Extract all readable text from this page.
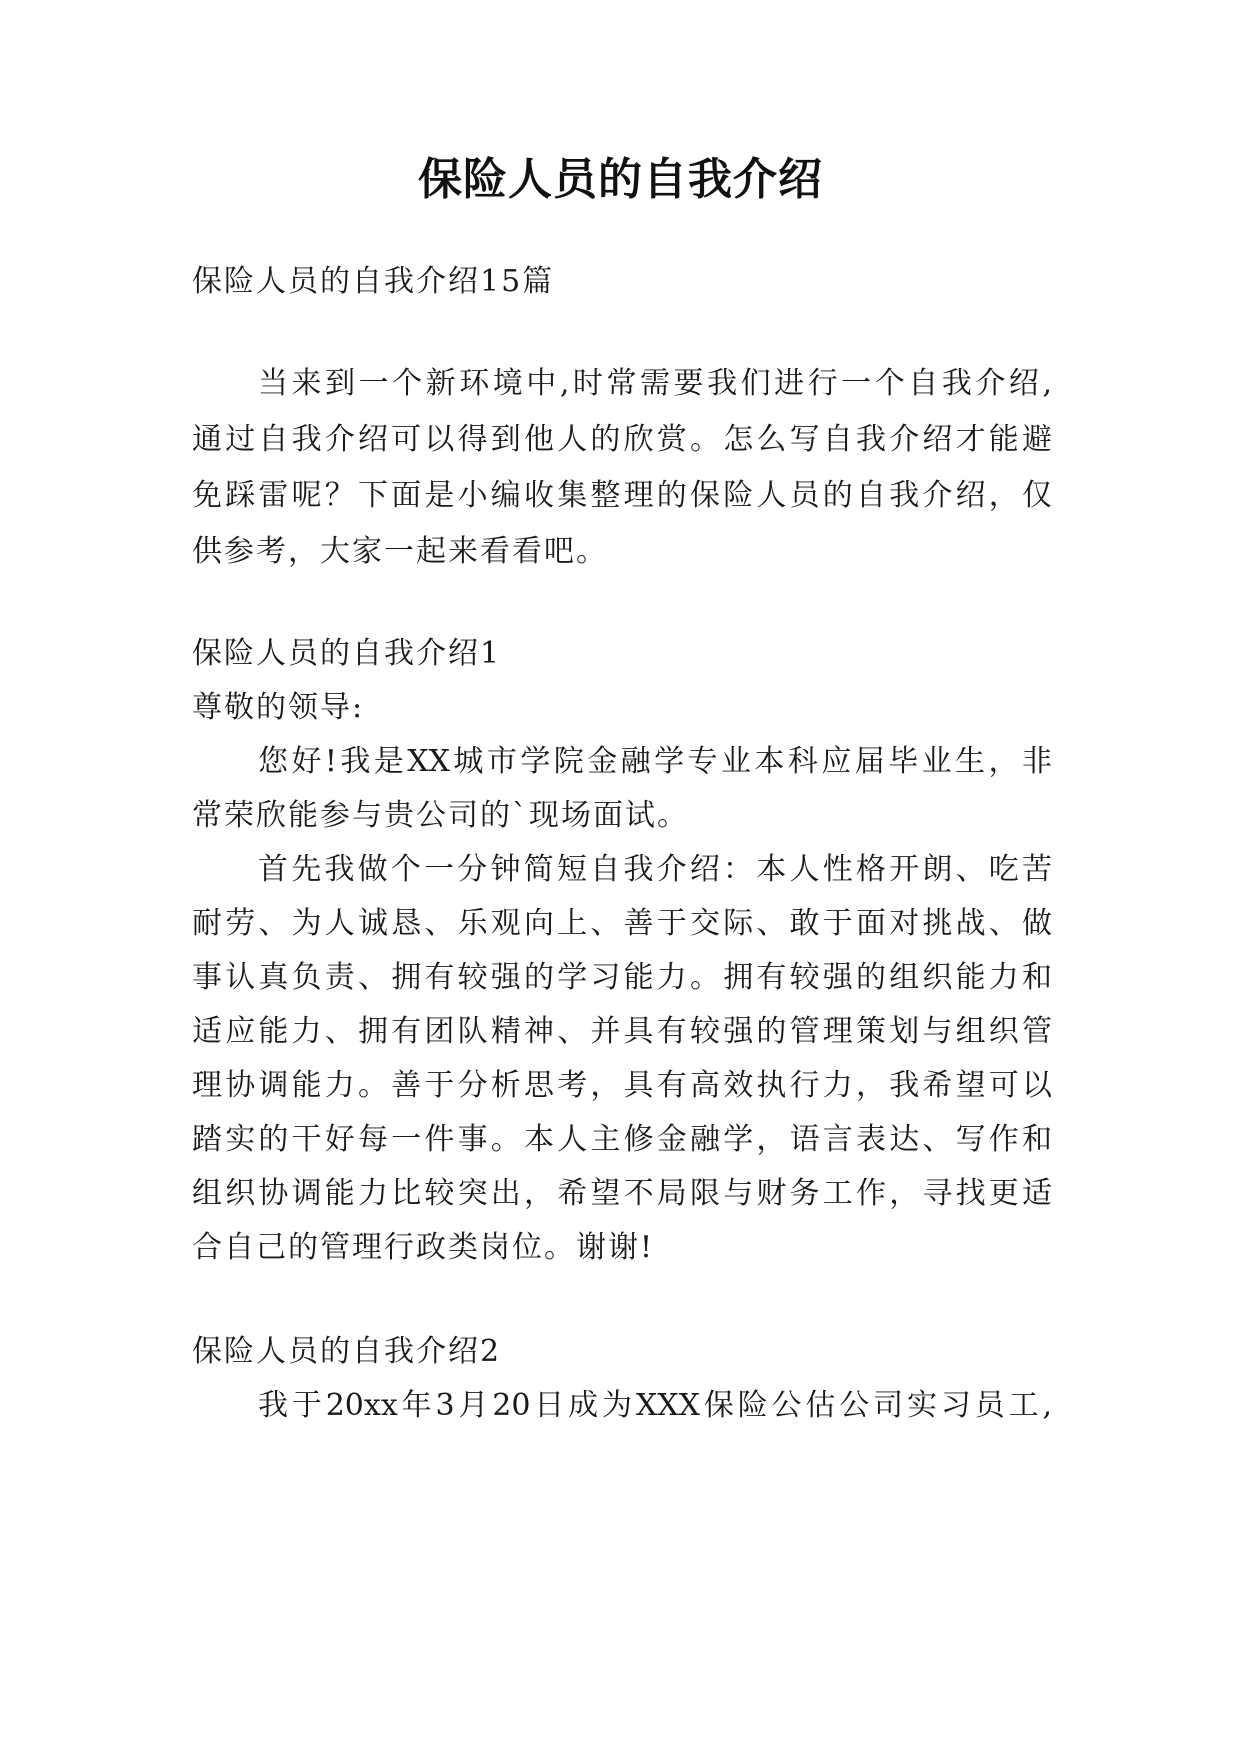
保险人员的自我介绍
保险人员的自我介绍15篇
当来到一个新环境中,时常需要我们进行一个自我介绍,
通过自我介绍可以得到他人的欣赏。怎么写自我介绍才能避
免踩雷呢？下面是小编收集整理的保险人员的自我介绍，仅
供参考，大家一起来看看吧。
保险人员的自我介绍1
尊敬的领导:
您好!我是XX城市学院金融学专业本科应届毕业生，非
常荣欣能参与贵公司的`现场面试。
首先我做个一分钟简短自我介绍：本人性格开朗、吃苦
耐劳、为人诚恳、乐观向上、善于交际、敢于面对挑战、做
事认真负责、拥有较强的学习能力。拥有较强的组织能力和
适应能力、拥有团队精神、并具有较强的管理策划与组织管
理协调能力。善于分析思考，具有高效执行力，我希望可以
踏实的干好每一件事。本人主修金融学，语言表达、写作和
组织协调能力比较突出，希望不局限与财务工作，寻找更适
合自己的管理行政类岗位。谢谢!
保险人员的自我介绍2
我于20xx年3月20日成为XXX保险公估公司实习员工,
